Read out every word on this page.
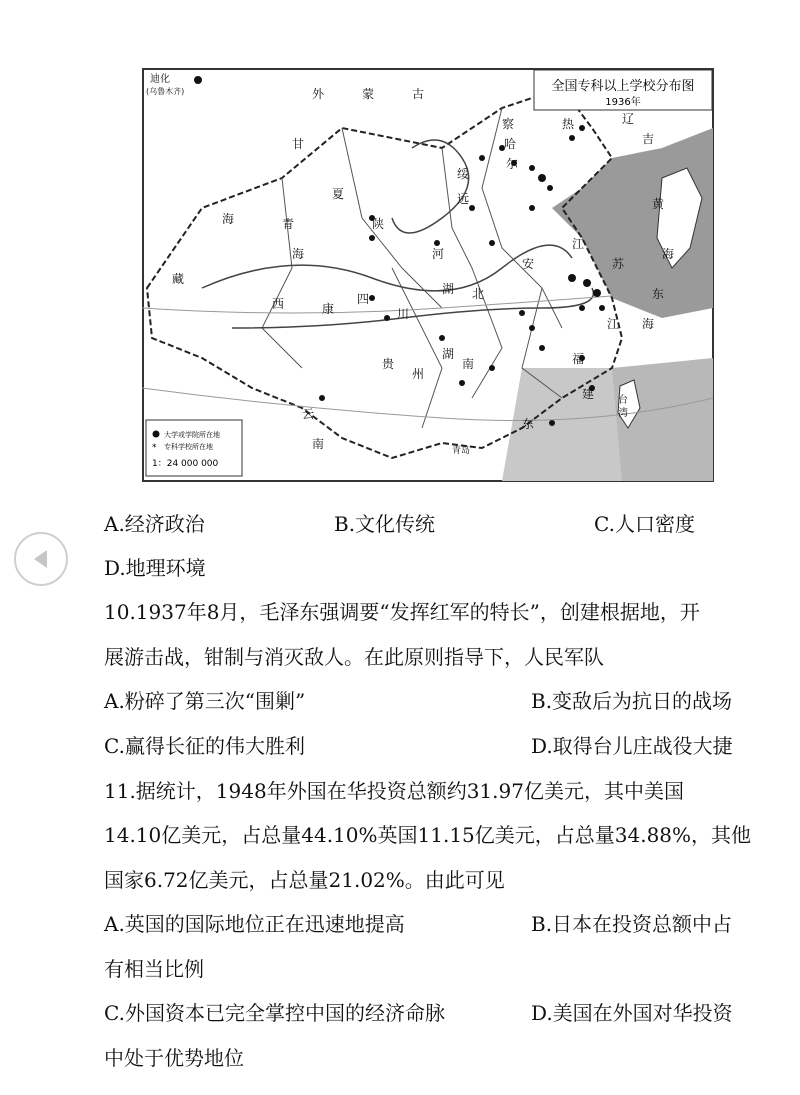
全国专科以上学校分布图
1936年
迪化
(乌鲁木齐)	外	蒙	古
察
哈
尔
热	辽
吉
甘
夏
绥
远
海	青
海
藏
西	康
陕
四
川
河
湖 北
安
江
苏
江
福
建
湖
南
贵
州
云
南
东
黄
海
东
海
台
湾
青岛
大学或学院所在地
* 专科学校所在地
1：24 000 000
A.经济政治	B.文化传统	C.人口密度
D.地理环境
10.1937年8月，毛泽东强调要“发挥红军的特长”，创建根据地，开
展游击战，钳制与消灭敌人。在此原则指导下，人民军队
A.粉碎了第三次“围剿”	B.变敌后为抗日的战场
C.赢得长征的伟大胜利	D.取得台儿庄战役大捷
11.据统计，1948年外国在华投资总额约31.97亿美元，其中美国
14.10亿美元，占总量44.10%英国11.15亿美元，占总量34.88%，其他
国家6.72亿美元，占总量21.02%。由此可见
A.英国的国际地位正在迅速地提高	B.日本在投资总额中占
有相当比例
C.外国资本已完全掌控中国的经济命脉	D.美国在外国对华投资
中处于优势地位
